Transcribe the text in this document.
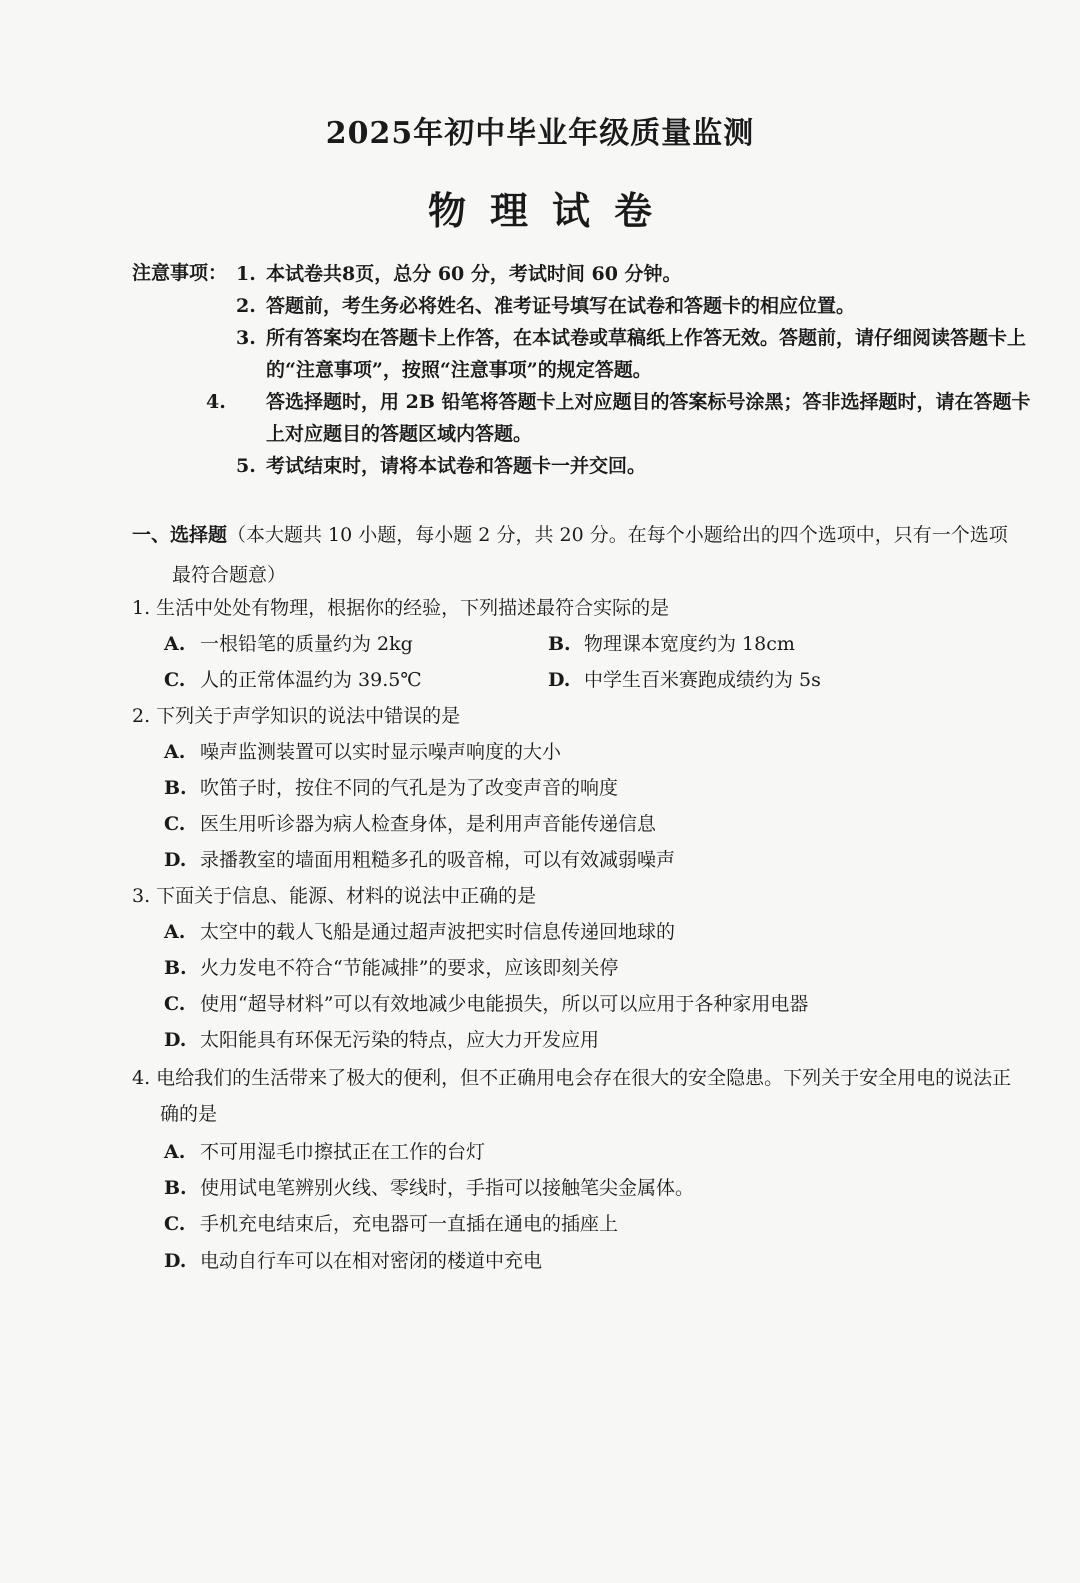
2025年初中毕业年级质量监测
物理试卷
注意事项： 1. 本试卷共8页，总分 60 分，考试时间 60 分钟。
2. 答题前，考生务必将姓名、准考证号填写在试卷和答题卡的相应位置。
3. 所有答案均在答题卡上作答，在本试卷或草稿纸上作答无效。答题前，请仔细阅读答题卡上的“注意事项”，按照“注意事项”的规定答题。
4. 答选择题时，用 2B 铅笔将答题卡上对应题目的答案标号涂黑；答非选择题时，请在答题卡上对应题目的答题区域内答题。
5. 考试结束时，请将本试卷和答题卡一并交回。
一、选择题（本大题共 10 小题，每小题 2 分，共 20 分。在每个小题给出的四个选项中，只有一个选项最符合题意）
1. 生活中处处有物理，根据你的经验，下列描述最符合实际的是
A. 一根铅笔的质量约为 2kg	B. 物理课本宽度约为 18cm
C. 人的正常体温约为 39.5℃	D. 中学生百米赛跑成绩约为 5s
2. 下列关于声学知识的说法中错误的是
A. 噪声监测装置可以实时显示噪声响度的大小
B. 吹笛子时，按住不同的气孔是为了改变声音的响度
C. 医生用听诊器为病人检查身体，是利用声音能传递信息
D. 录播教室的墙面用粗糙多孔的吸音棉，可以有效减弱噪声
3. 下面关于信息、能源、材料的说法中正确的是
A. 太空中的载人飞船是通过超声波把实时信息传递回地球的
B. 火力发电不符合“节能减排”的要求，应该即刻关停
C. 使用“超导材料”可以有效地减少电能损失，所以可以应用于各种家用电器
D. 太阳能具有环保无污染的特点，应大力开发应用
4. 电给我们的生活带来了极大的便利，但不正确用电会存在很大的安全隐患。下列关于安全用电的说法正确的是
A. 不可用湿毛巾擦拭正在工作的台灯
B. 使用试电笔辨别火线、零线时，手指可以接触笔尖金属体。
C. 手机充电结束后，充电器可一直插在通电的插座上
D. 电动自行车可以在相对密闭的楼道中充电
